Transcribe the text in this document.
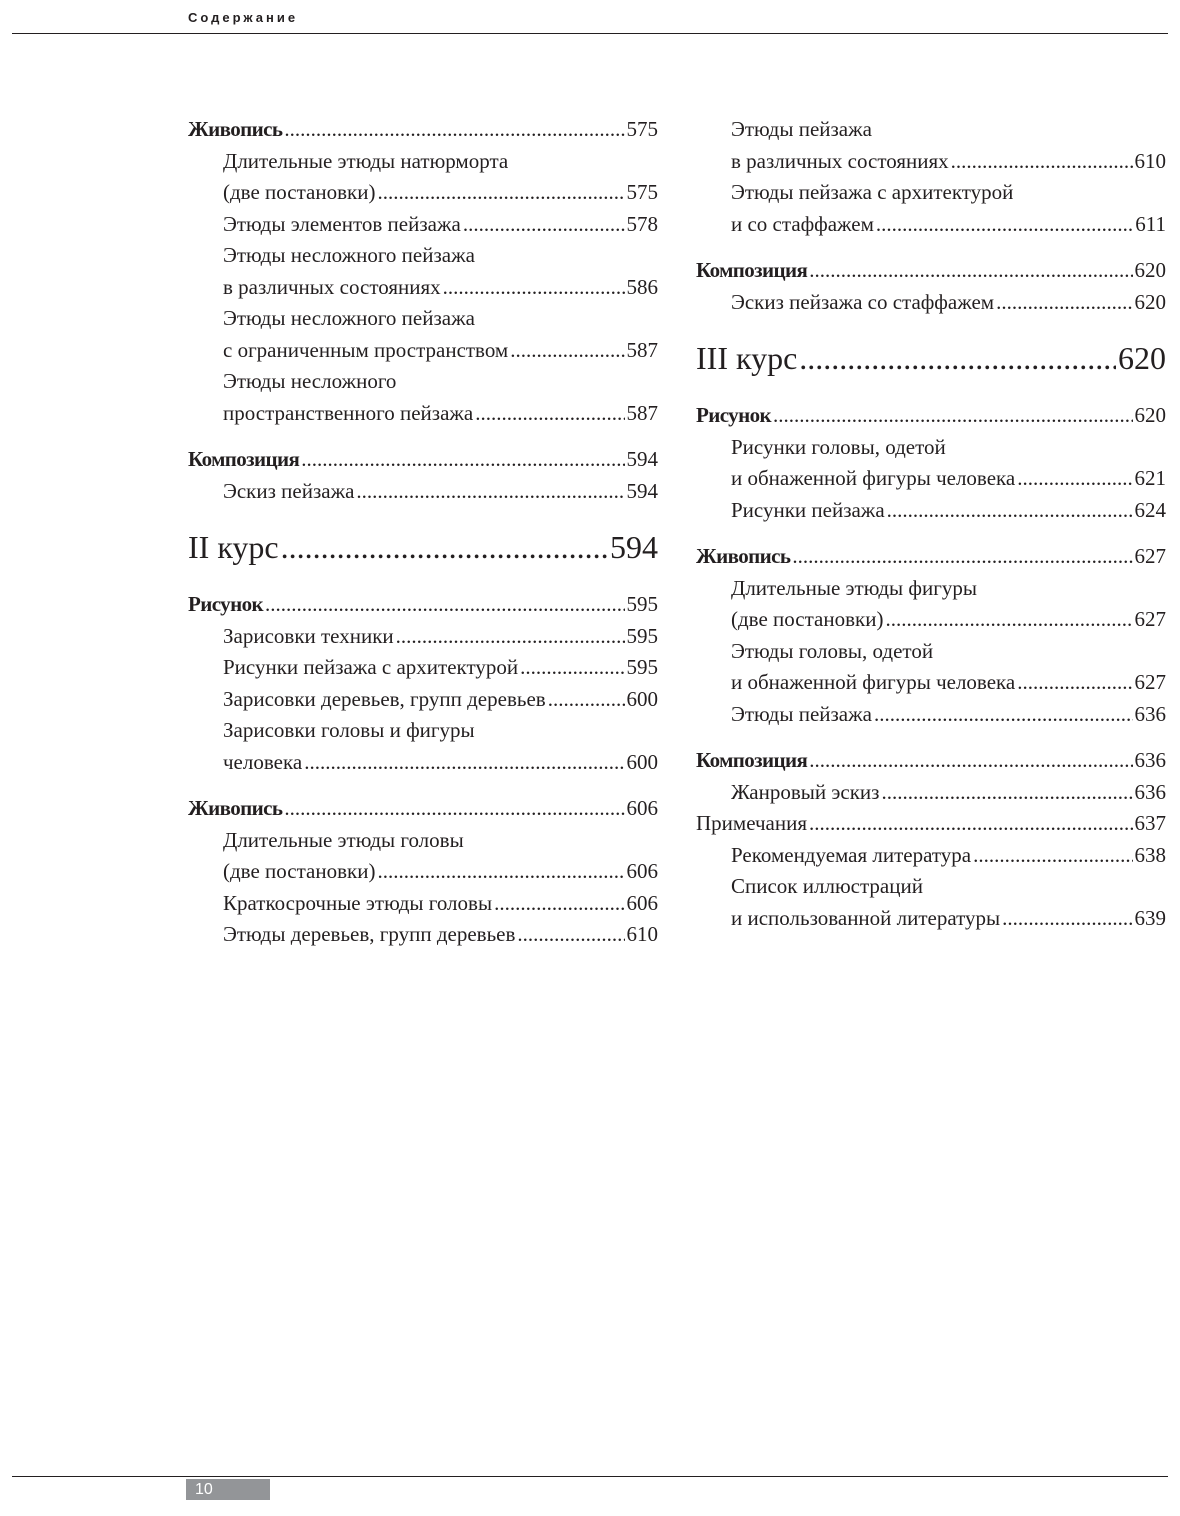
Содержание
Живопись .....	575
Длительные этюды натюрморта
(две постановки) .....	575
Этюды элементов пейзажа .....	578
Этюды несложного пейзажа
в различных состояниях .....	586
Этюды несложного пейзажа
с ограниченным пространством .....	587
Этюды несложного
пространственного пейзажа .....	587
Композиция .....	594
Эскиз пейзажа .....	594
II курс .....	594
Рисунок .....	595
Зарисовки техники .....	595
Рисунки пейзажа с архитектурой .....	595
Зарисовки деревьев, групп деревьев .....	600
Зарисовки головы и фигуры
человека .....	600
Живопись .....	606
Длительные этюды головы
(две постановки) .....	606
Краткосрочные этюды головы .....	606
Этюды деревьев, групп деревьев .....	610
Этюды пейзажа
в различных состояниях .....	610
Этюды пейзажа с архитектурой
и со стаффажем .....	611
Композиция .....	620
Эскиз пейзажа со стаффажем .....	620
III курс .....	620
Рисунок .....	620
Рисунки головы, одетой
и обнаженной фигуры человека .....	621
Рисунки пейзажа .....	624
Живопись .....	627
Длительные этюды фигуры
(две постановки) .....	627
Этюды головы, одетой
и обнаженной фигуры человека .....	627
Этюды пейзажа .....	636
Композиция .....	636
Жанровый эскиз .....	636
Примечания .....	637
Рекомендуемая литература .....	638
Список иллюстраций
и использованной литературы .....	639
10
